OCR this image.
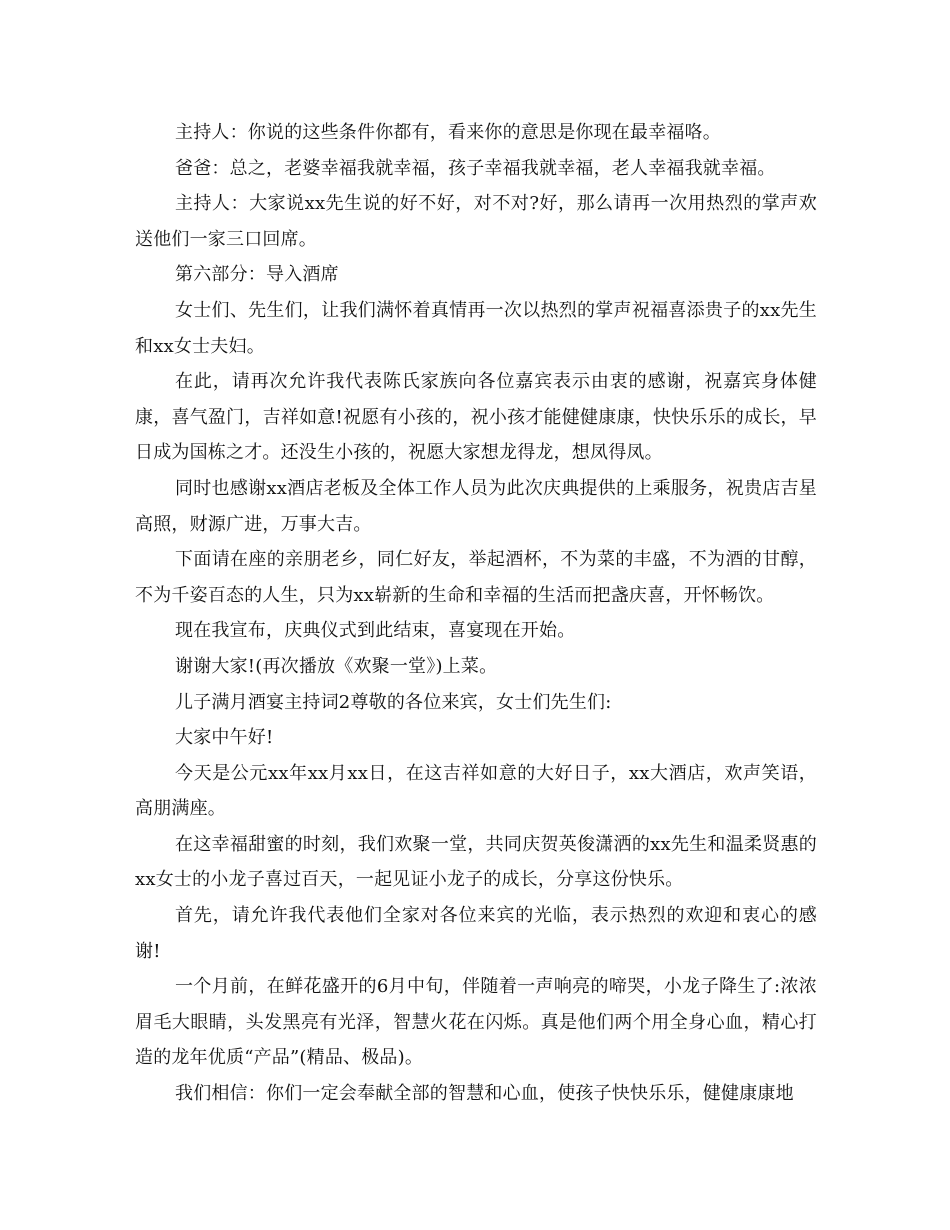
主持人：你说的这些条件你都有，看来你的意思是你现在最幸福咯。

爸爸：总之，老婆幸福我就幸福，孩子幸福我就幸福，老人幸福我就幸福。

主持人：大家说xx先生说的好不好，对不对?好，那么请再一次用热烈的掌声欢送他们一家三口回席。

第六部分：导入酒席

女士们、先生们，让我们满怀着真情再一次以热烈的掌声祝福喜添贵子的xx先生和xx女士夫妇。

在此，请再次允许我代表陈氏家族向各位嘉宾表示由衷的感谢，祝嘉宾身体健康，喜气盈门，吉祥如意!祝愿有小孩的，祝小孩才能健健康康，快快乐乐的成长，早日成为国栋之才。还没生小孩的，祝愿大家想龙得龙，想凤得凤。

同时也感谢xx酒店老板及全体工作人员为此次庆典提供的上乘服务，祝贵店吉星高照，财源广进，万事大吉。

下面请在座的亲朋老乡，同仁好友，举起酒杯，不为菜的丰盛，不为酒的甘醇，不为千姿百态的人生，只为xx崭新的生命和幸福的生活而把盏庆喜，开怀畅饮。

现在我宣布，庆典仪式到此结束，喜宴现在开始。

谢谢大家!(再次播放《欢聚一堂》)上菜。

儿子满月酒宴主持词2尊敬的各位来宾，女士们先生们:

大家中午好!

今天是公元xx年xx月xx日，在这吉祥如意的大好日子，xx大酒店，欢声笑语，高朋满座。

在这幸福甜蜜的时刻，我们欢聚一堂，共同庆贺英俊潇洒的xx先生和温柔贤惠的xx女士的小龙子喜过百天，一起见证小龙子的成长，分享这份快乐。

首先，请允许我代表他们全家对各位来宾的光临，表示热烈的欢迎和衷心的感谢!

一个月前，在鲜花盛开的6月中旬，伴随着一声响亮的啼哭，小龙子降生了:浓浓眉毛大眼睛，头发黑亮有光泽，智慧火花在闪烁。真是他们两个用全身心血，精心打造的龙年优质“产品”(精品、极品)。

我们相信：你们一定会奉献全部的智慧和心血，使孩子快快乐乐，健健康康地
